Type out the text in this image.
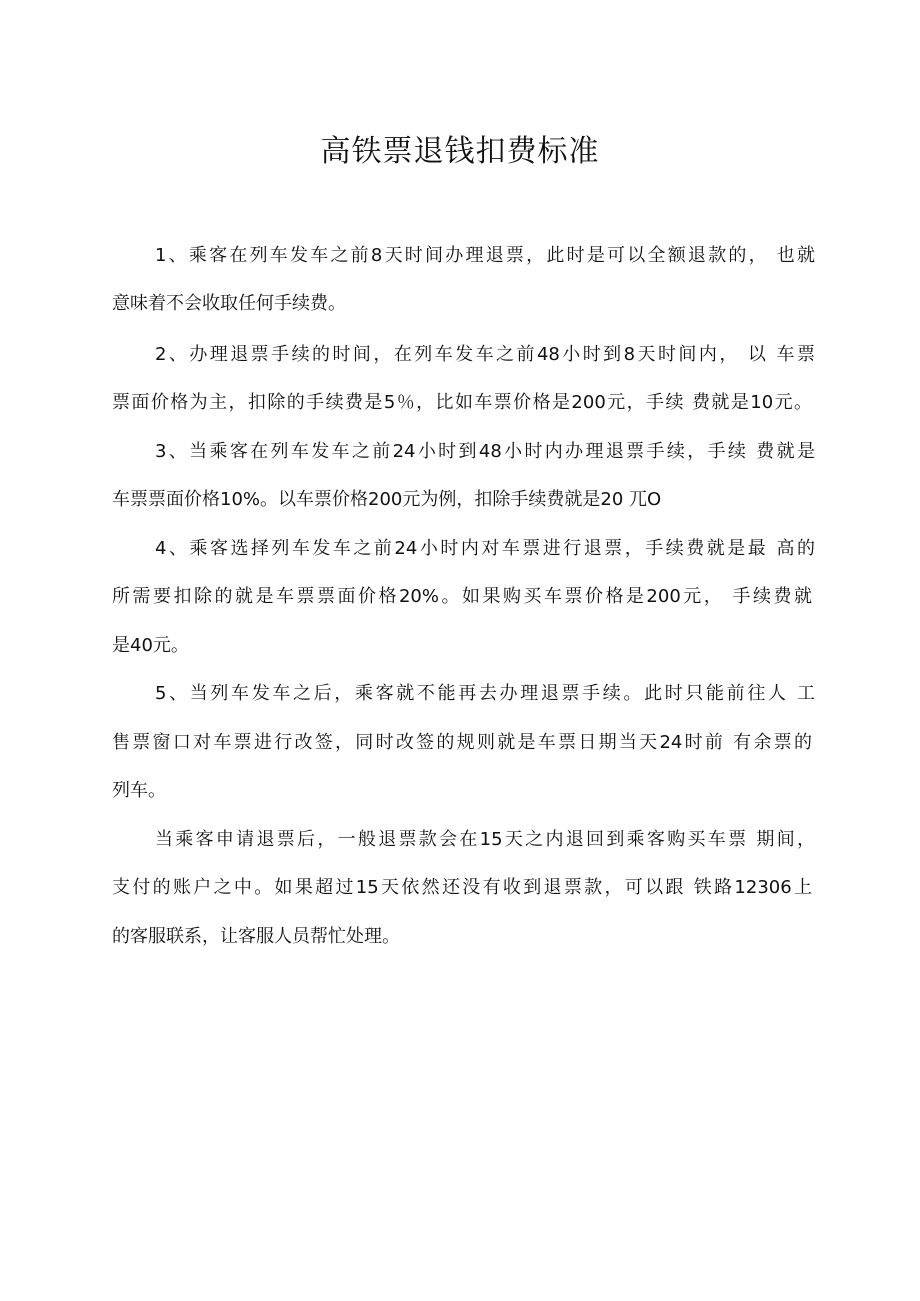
高铁票退钱扣费标准

1、乘客在列车发车之前8天时间办理退票，此时是可以全额退款的， 也就

意味着不会收取任何手续费。

2、办理退票手续的时间，在列车发车之前48小时到8天时间内， 以 车票

票面价格为主，扣除的手续费是5％，比如车票价格是200元，手续 费就是10元。

3、当乘客在列车发车之前24小时到48小时内办理退票手续，手续 费就是

车票票面价格10%。以车票价格200元为例，扣除手续费就是20 兀O

4、乘客选择列车发车之前24小时内对车票进行退票，手续费就是最 高的

所需要扣除的就是车票票面价格20%。如果购买车票价格是200元， 手续费就

是40元。

5、当列车发车之后，乘客就不能再去办理退票手续。此时只能前往人 工

售票窗口对车票进行改签，同时改签的规则就是车票日期当天24时前 有余票的

列车。

当乘客申请退票后，一般退票款会在15天之内退回到乘客购买车票 期间，

支付的账户之中。如果超过15天依然还没有收到退票款，可以跟 铁路12306上

的客服联系，让客服人员帮忙处理。
